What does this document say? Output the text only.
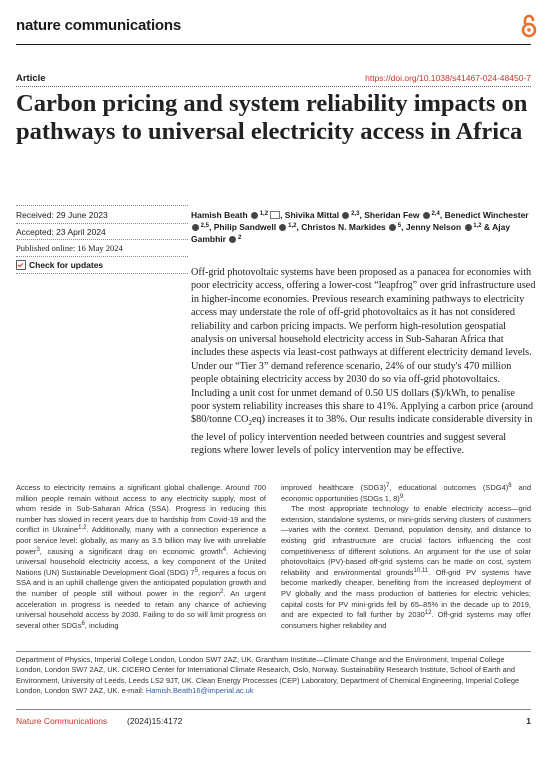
nature communications
Article	https://doi.org/10.1038/s41467-024-48450-7
Carbon pricing and system reliability impacts on pathways to universal electricity access in Africa
Received: 29 June 2023
Accepted: 23 April 2024
Published online: 16 May 2024
Check for updates
Hamish Beath  $^{1,2}$ , Shivika Mittal  $^{2,3}$, Sheridan Few  $^{2,4}$, Benedict Winchester  $^{2,5}$, Philip Sandwell  $^{1,2}$, Christos N. Markides  $^5$, Jenny Nelson  $^{1,2}$ & Ajay Gambhir  $^2$
Off-grid photovoltaic systems have been proposed as a panacea for economies with poor electricity access, offering a lower-cost “leapfrog” over grid infrastructure used in higher-income economies. Previous research examining pathways to electricity access may understate the role of off-grid photovoltaics as it has not considered reliability and carbon pricing impacts. We perform high-resolution geospatial analysis on universal household electricity access in Sub-Saharan Africa that includes these aspects via least-cost pathways at different electricity demand levels. Under our “Tier 3” demand reference scenario, 24% of our study's 470 million people obtaining electricity access by 2030 do so via off-grid photovoltaics. Including a unit cost for unmet demand of 0.50 US dollars ($)/kWh, to penalise poor system reliability increases this share to 41%. Applying a carbon price (around $80/tonne $CO_2eq$) increases it to 38%. Our results indicate considerable diversity in the level of policy intervention needed between countries and suggest several regions where lower levels of policy intervention may be effective.
Access to electricity remains a significant global challenge. Around 700 million people remain without access to any electricity supply, most of whom reside in Sub-Saharan Africa (SSA). Progress in reducing this number has slowed in recent years due to hardship from Covid-19 and the conflict in Ukraine$^{1,2}$. Additionally, many with a connection experience a poor service level: globally, as many as 3.5 billion may live with unreliable power$^3$, causing a significant drag on economic growth$^4$. Achieving universal household electricity access, a key component of the United Nations (UN) Sustainable Development Goal (SDG) $7^5$, requires a focus on SSA and is an uphill challenge given the anticipated population growth and the number of people still without power in the region$^2$. An urgent acceleration in progress is needed to retain any chance of achieving universal household access by 2030. Failing to do so will limit progress on several other SDGs$^6$, including
improved healthcare $(SDG3)^7$, educational outcomes $(SDG4)^8$ and economic opportunities (SDGs 1, 8)$^9$.
The most appropriate technology to enable electricity access—grid extension, standalone systems, or mini-grids serving clusters of customers—varies with the context. Demand, population density, and distance to existing grid infrastructure are crucial factors influencing the cost competitiveness of different solutions. An argument for the use of solar photovoltaics (PV)-based off-grid systems can be made on cost, system reliability and environmental grounds$^{10,11}$. Off-grid PV systems have become markedly cheaper, benefiting from the increased deployment of PV globally and the mass production of batteries for electric vehicles; capital costs for PV mini-grids fell by 65–85% in the decade up to 2019, and are expected to fall further by 2030$^{12}$. Off-grid systems may offer consumers higher reliability and
Department of Physics, Imperial College London, London SW7 2AZ, UK. Grantham Institute—Climate Change and the Environment, Imperial College London, London SW7 2AZ, UK. CICERO Center for International Climate Research, Oslo, Norway. Sustainability Research Institute, School of Earth and Environment, University of Leeds, Leeds LS2 9JT, UK. Clean Energy Processes (CEP) Laboratory, Department of Chemical Engineering, Imperial College London, London SW7 2AZ, UK. e-mail: Hamish.Beath16@imperial.ac.uk
Nature Communications (2024)15:4172	1
